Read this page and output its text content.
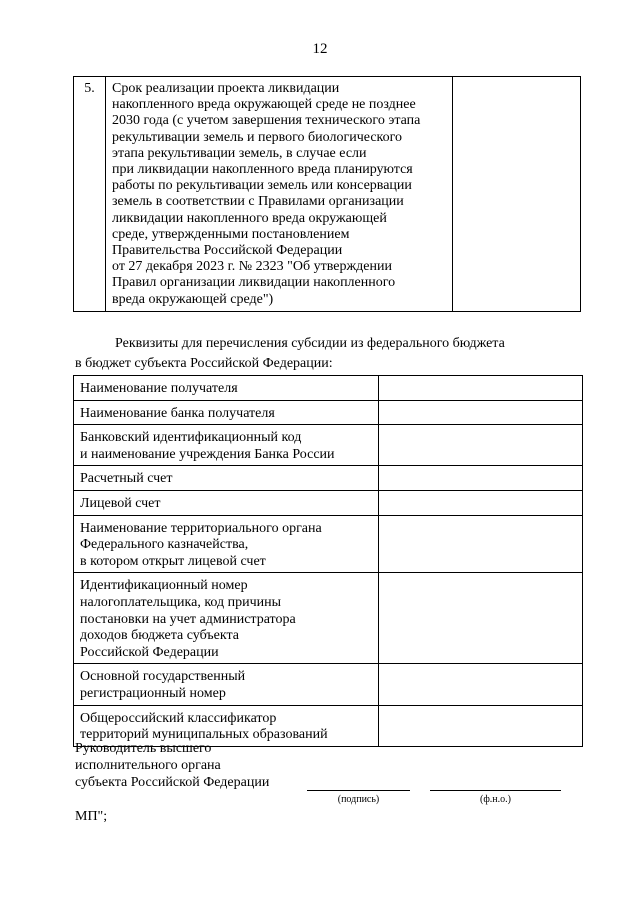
12
5.	Срок реализации проекта ликвидации
накопленного вреда окружающей среде не позднее
2030 года (с учетом завершения технического этапа
рекультивации земель и первого биологического
этапа рекультивации земель, в случае если
при ликвидации накопленного вреда планируются
работы по рекультивации земель или консервации
земель в соответствии с Правилами организации
ликвидации накопленного вреда окружающей
среде, утвержденными постановлением
Правительства Российской Федерации
от 27 декабря 2023 г. № 2323 "Об утверждении
Правил организации ликвидации накопленного
вреда окружающей среде")

Реквизиты для перечисления субсидии из федерального бюджета
в бюджет субъекта Российской Федерации:
Наименование получателя	

Наименование банка получателя	

Банковский идентификационный код
и наименование учреждения Банка России	

Расчетный счет	

Лицевой счет	

Наименование территориального органа
Федерального казначейства,
в котором открыт лицевой счет	

Идентификационный номер
налогоплательщика, код причины
постановки на учет администратора
доходов бюджета субъекта
Российской Федерации	

Основной государственный
регистрационный номер	

Общероссийский классификатор
территорий муниципальных образований	

Руководитель высшего
исполнительного органа
субъекта Российской Федерации
(подпись)	(ф.н.о.)
МП";
